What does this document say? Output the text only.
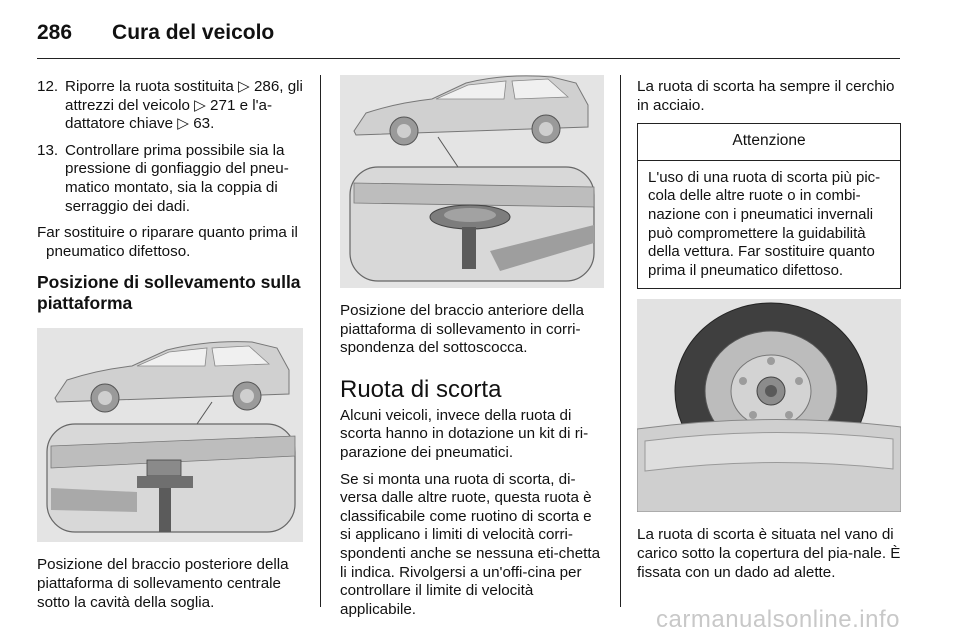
286 Cura del veicolo
12. Riporre la ruota sostituita ▷ 286, gli attrezzi del veicolo ▷ 271 e l'a-dattatore chiave ▷ 63.
13. Controllare prima possibile sia la pressione di gonfiaggio del pneu-matico montato, sia la coppia di serraggio dei dadi.

Far sostituire o riparare quanto prima il pneumatico difettoso.

Posizione di sollevamento sulla piattaforma

Posizione del braccio posteriore della piattaforma di sollevamento centrale sotto la cavità della soglia.

Posizione del braccio anteriore della piattaforma di sollevamento in corri-spondenza del sottoscocca.

Ruota di scorta

Alcuni veicoli, invece della ruota di scorta hanno in dotazione un kit di ri-parazione dei pneumatici.

Se si monta una ruota di scorta, di-versa dalle altre ruote, questa ruota è classificabile come ruotino di scorta e si applicano i limiti di velocità corri-spondenti anche se nessuna eti-chetta li indica. Rivolgersi a un'offi-cina per controllare il limite di velocità applicabile.

La ruota di scorta ha sempre il cerchio in acciaio.

Attenzione
L'uso di una ruota di scorta più pic-cola delle altre ruote o in combi-nazione con i pneumatici invernali può compromettere la guidabilità della vettura. Far sostituire quanto prima il pneumatico difettoso.

La ruota di scorta è situata nel vano di carico sotto la copertura del pia-nale. È fissata con un dado ad alette.

carmanualsonline.info
